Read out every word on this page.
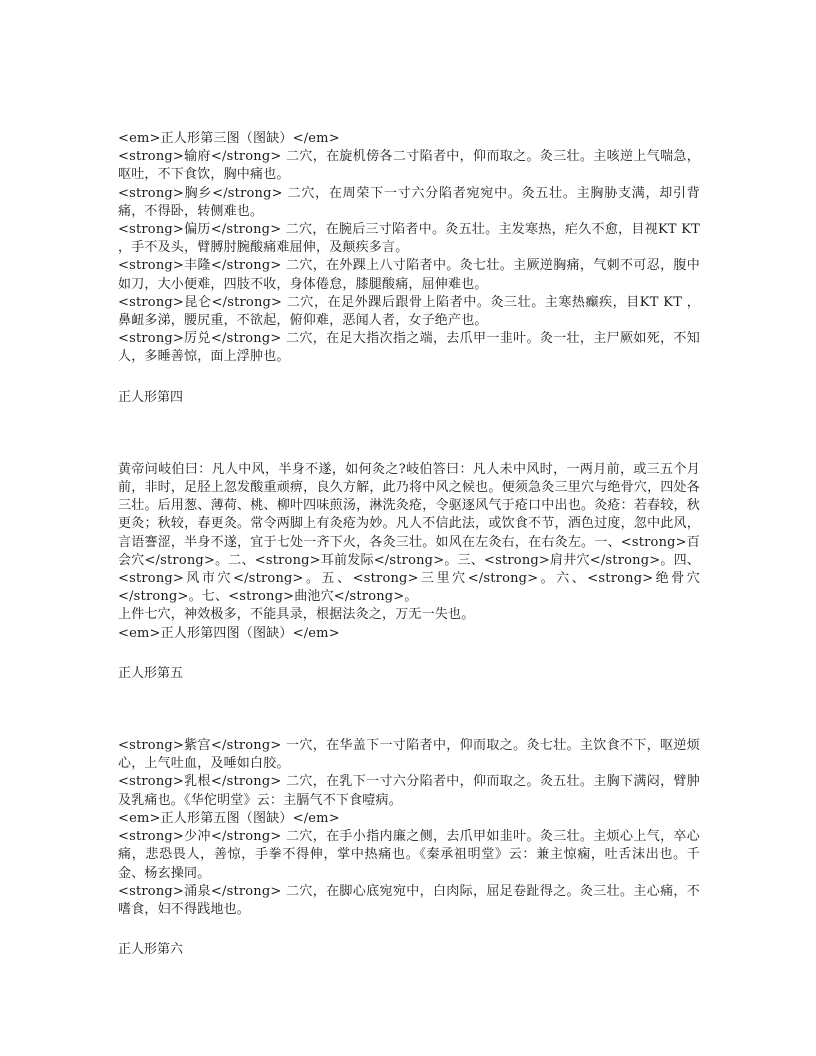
<em>正人形第三图（图缺）</em>

<strong>输府</strong> 二穴，在旋机傍各二寸陷者中，仰而取之。灸三壮。主咳逆上气喘急，呕吐，不下食饮，胸中痛也。

<strong>胸乡</strong> 二穴，在周荣下一寸六分陷者宛宛中。灸五壮。主胸胁支满，却引背痛，不得卧，转侧难也。

<strong>偏历</strong> 二穴，在腕后三寸陷者中。灸五壮。主发寒热，疟久不愈，目视KT KT ，手不及头，臂膊肘腕酸痛难屈伸，及颠疾多言。

<strong>丰隆</strong> 二穴，在外踝上八寸陷者中。灸七壮。主厥逆胸痛，气刺不可忍，腹中如刀，大小便难，四肢不收，身体倦怠，膝腿酸痛，屈伸难也。

<strong>昆仑</strong> 二穴，在足外踝后跟骨上陷者中。灸三壮。主寒热癫疾，目KT KT ，鼻衄多涕，腰尻重，不欲起，俯仰难，恶闻人者，女子绝产也。

<strong>厉兑</strong> 二穴，在足大指次指之端，去爪甲一韭叶。灸一壮，主尸厥如死，不知人，多睡善惊，面上浮肿也。

正人形第四

黄帝问岐伯曰：凡人中风，半身不遂，如何灸之?岐伯答曰：凡人未中风时，一两月前，或三五个月前，非时，足胫上忽发酸重顽痹，良久方解，此乃将中风之候也。便须急灸三里穴与绝骨穴，四处各三壮。后用葱、薄荷、桃、柳叶四味煎汤，淋洗灸疮，令驱逐风气于疮口中出也。灸疮：若春较，秋更灸；秋较，春更灸。常令两脚上有灸疮为妙。凡人不信此法，或饮食不节，酒色过度，忽中此风，言语謇涩，半身不遂，宜于七处一齐下火，各灸三壮。如风在左灸右，在右灸左。一、<strong>百会穴</strong>。二、<strong>耳前发际</strong>。三、<strong>肩井穴</strong>。四、<strong>风市穴</strong>。五、<strong>三里穴</strong>。六、<strong>绝骨穴</strong>。七、<strong>曲池穴</strong>。

上件七穴，神效极多，不能具录，根据法灸之，万无一失也。

<em>正人形第四图（图缺）</em>

正人形第五

<strong>紫宫</strong> 一穴，在华盖下一寸陷者中，仰而取之。灸七壮。主饮食不下，呕逆烦心，上气吐血，及唾如白胶。

<strong>乳根</strong> 二穴，在乳下一寸六分陷者中，仰而取之。灸五壮。主胸下满闷，臂肿及乳痛也。《华佗明堂》云：主膈气不下食噎病。

<em>正人形第五图（图缺）</em>

<strong>少冲</strong> 二穴，在手小指内廉之侧，去爪甲如韭叶。灸三壮。主烦心上气，卒心痛，悲恐畏人，善惊，手拳不得伸，掌中热痛也。《秦承祖明堂》云：兼主惊痫，吐舌沫出也。千金、杨玄操同。

<strong>涌泉</strong> 二穴，在脚心底宛宛中，白肉际，屈足卷趾得之。灸三壮。主心痛，不嗜食，妇不得践地也。

正人形第六
